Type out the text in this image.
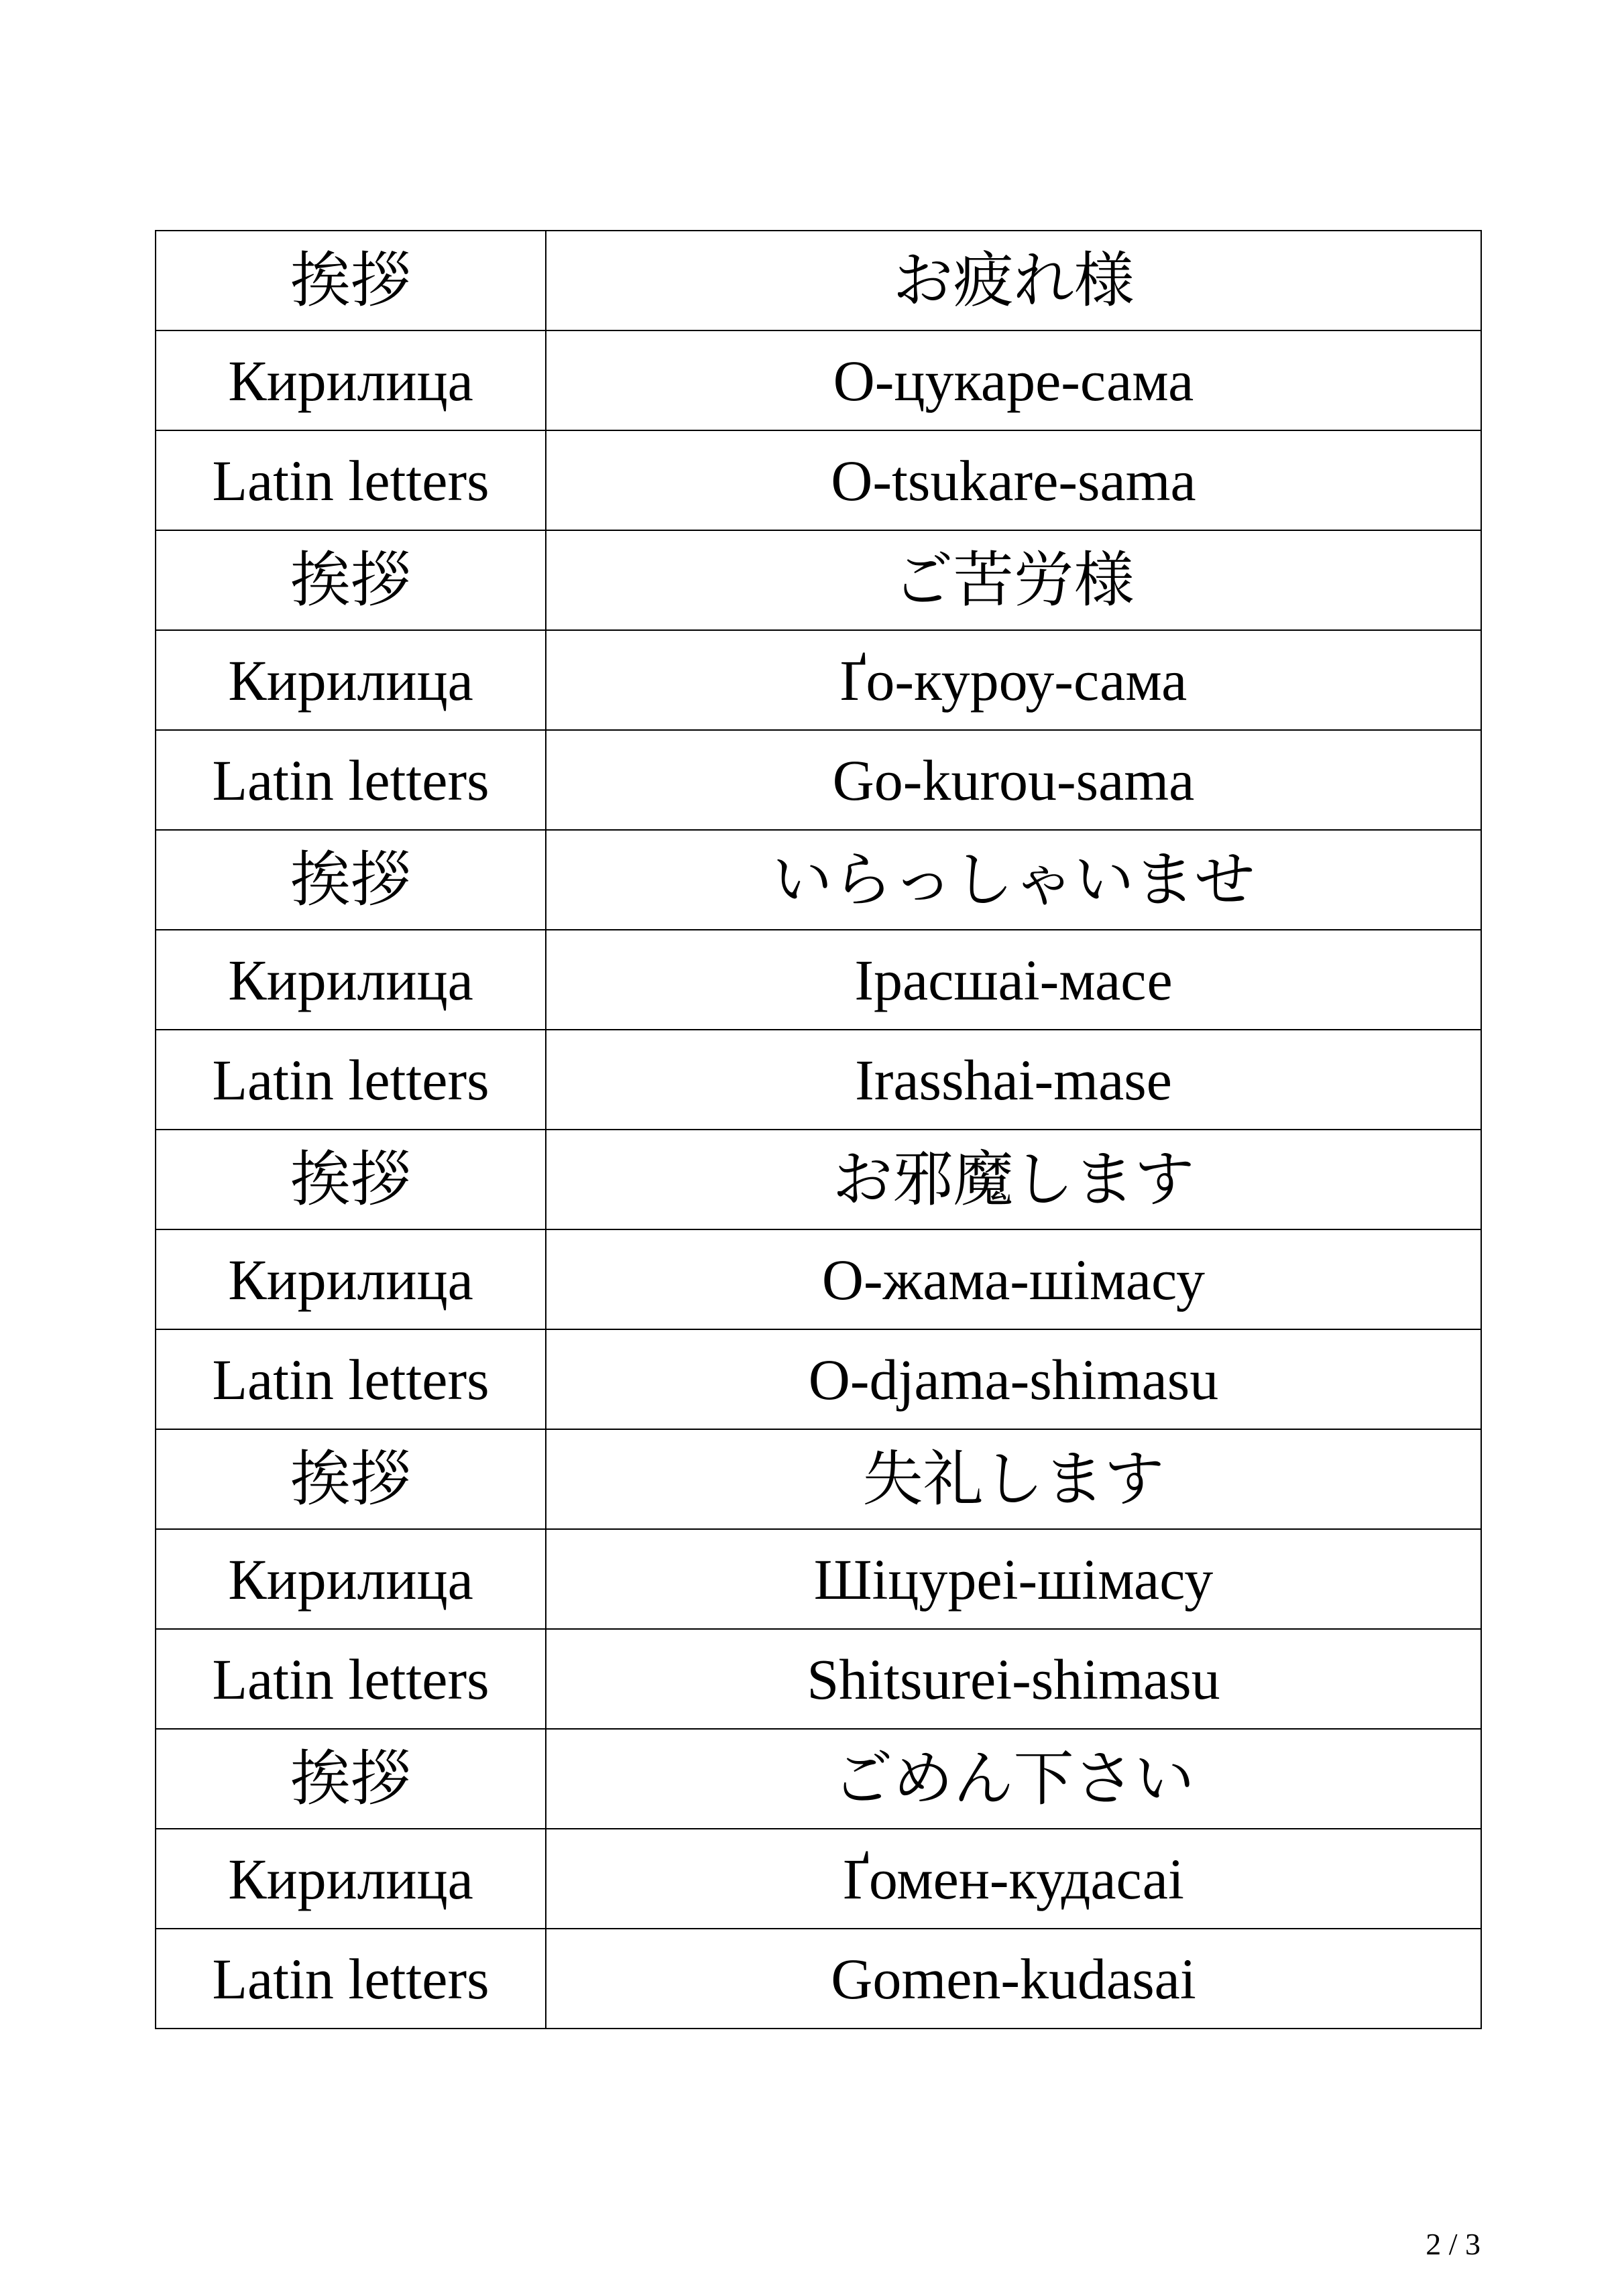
挨拶	お疲れ様
Кирилица	О-цукаре-сама
Latin letters	O-tsukare-sama
挨拶	ご苦労様
Кирилица	Ґо-куроу-сама
Latin letters	Go-kurou-sama
挨拶	いらっしゃいませ
Кирилица	Ірасшаі-масе
Latin letters	Irasshai-mase
挨拶	お邪魔します
Кирилица	О-жама-шімасу
Latin letters	O-djama-shimasu
挨拶	失礼します
Кирилица	Шіцуреі-шімасу
Latin letters	Shitsurei-shimasu
挨拶	ごめん下さい
Кирилица	Ґомен-кудасаі
Latin letters	Gomen-kudasai
2 / 3
